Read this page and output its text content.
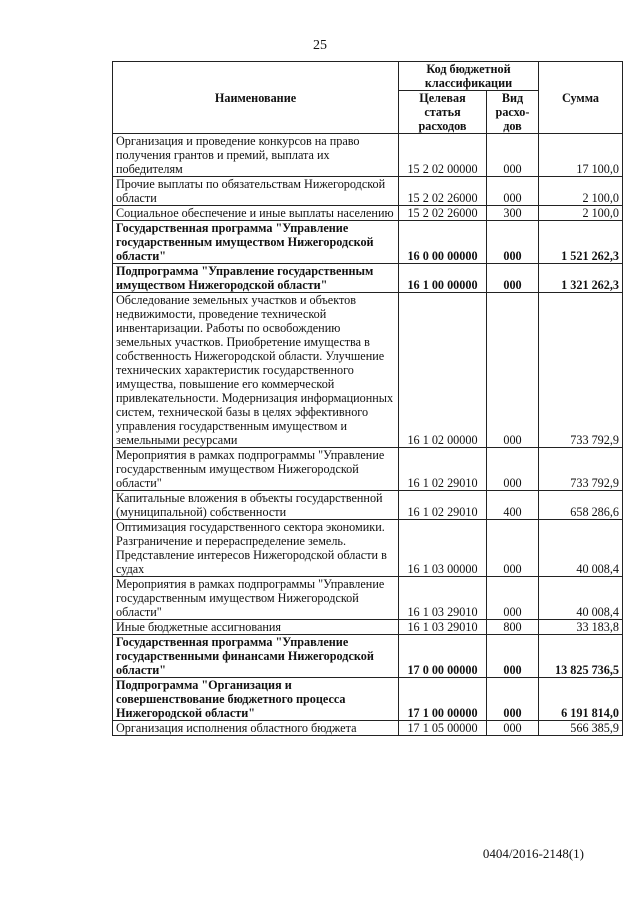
25
Наименование	Код бюджетной классификации		Сумма
	Целевая статья расходов	Вид расхо-дов	
Организация и проведение конкурсов на право получения грантов и премий, выплата их победителям	15 2 02 00000	000	17 100,0
Прочие выплаты по обязательствам Нижегородской области	15 2 02 26000	000	2 100,0
Социальное обеспечение и иные выплаты населению	15 2 02 26000	300	2 100,0
Государственная программа "Управление государственным имуществом Нижегородской области"	16 0 00 00000	000	1 521 262,3
Подпрограмма "Управление государственным имуществом Нижегородской области"	16 1 00 00000	000	1 321 262,3
Обследование земельных участков и объектов недвижимости, проведение технической инвентаризации. Работы по освобождению земельных участков. Приобретение имущества в собственность Нижегородской области. Улучшение технических характеристик государственного имущества, повышение его коммерческой привлекательности. Модернизация информационных систем, технической базы в целях эффективного управления государственным имуществом и земельными ресурсами	16 1 02 00000	000	733 792,9
Мероприятия в рамках подпрограммы "Управление государственным имуществом Нижегородской области"	16 1 02 29010	000	733 792,9
Капитальные вложения в объекты государственной (муниципальной) собственности	16 1 02 29010	400	658 286,6
Оптимизация государственного сектора экономики. Разграничение и перераспределение земель. Представление интересов Нижегородской области в судах	16 1 03 00000	000	40 008,4
Мероприятия в рамках подпрограммы "Управление государственным имуществом Нижегородской области"	16 1 03 29010	000	40 008,4
Иные бюджетные ассигнования	16 1 03 29010	800	33 183,8
Государственная программа "Управление государственными финансами Нижегородской области"	17 0 00 00000	000	13 825 736,5
Подпрограмма "Организация и совершенствование бюджетного процесса Нижегородской области"	17 1 00 00000	000	6 191 814,0
Организация исполнения областного бюджета	17 1 05 00000	000	566 385,9
0404/2016-2148(1)
